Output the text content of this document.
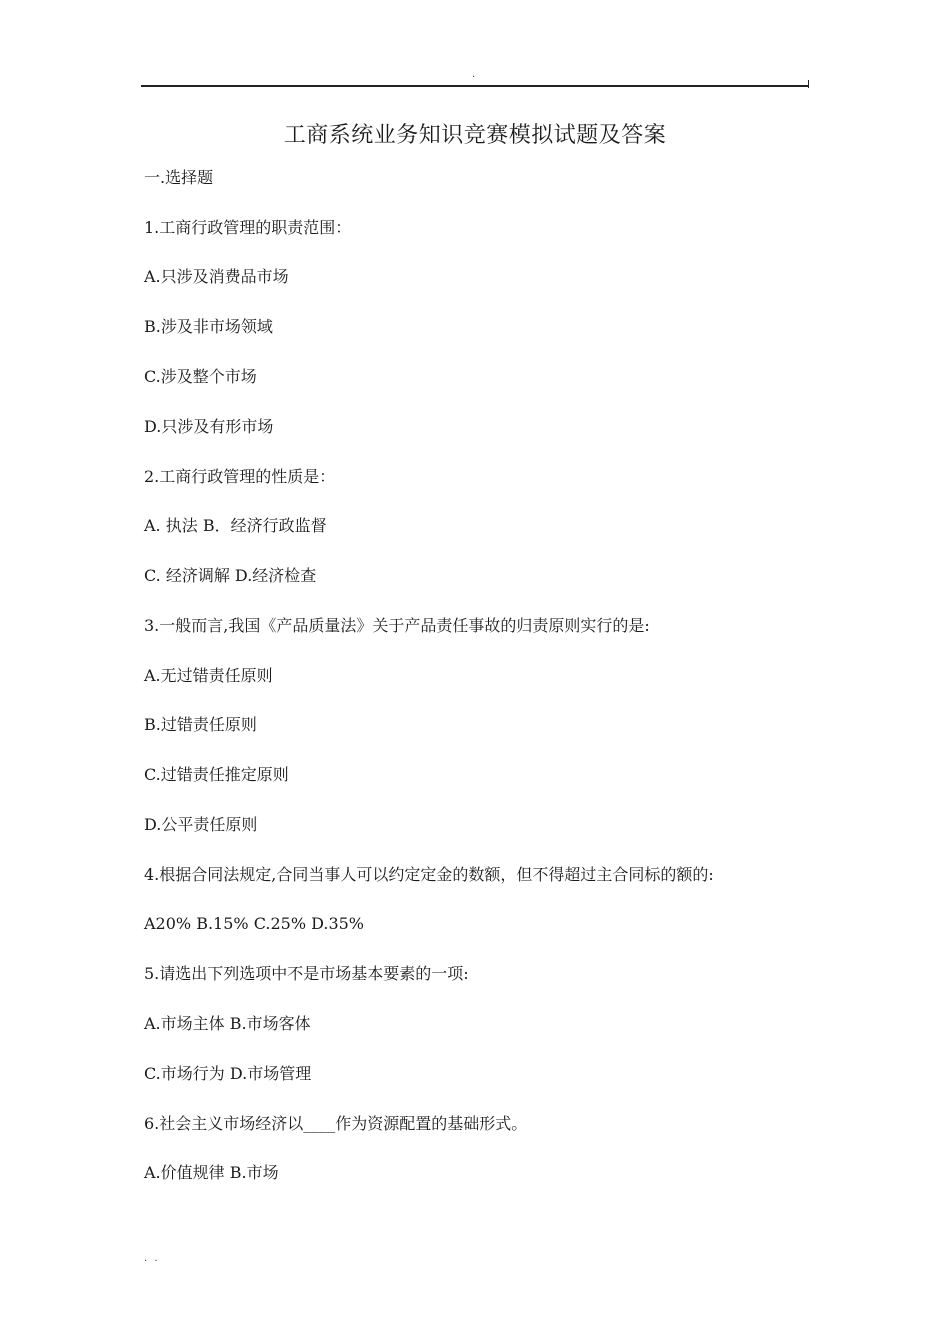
.
工商系统业务知识竞赛模拟试题及答案
一.选择题
1.工商行政管理的职责范围：
A.只涉及消费品市场
B.涉及非市场领域
C.涉及整个市场
D.只涉及有形市场
2.工商行政管理的性质是：
A. 执法 B．经济行政监督
C. 经济调解 D.经济检查
3.一般而言,我国《产品质量法》关于产品责任事故的归责原则实行的是:
A.无过错责任原则
B.过错责任原则
C.过错责任推定原则
D.公平责任原则
4.根据合同法规定,合同当事人可以约定定金的数额，但不得超过主合同标的额的:
A20% B.15% C.25% D.35%
5.请选出下列选项中不是市场基本要素的一项:
A.市场主体 B.市场客体
C.市场行为 D.市场管理
6.社会主义市场经济以____作为资源配置的基础形式。
A.价值规律 B.市场
. .
